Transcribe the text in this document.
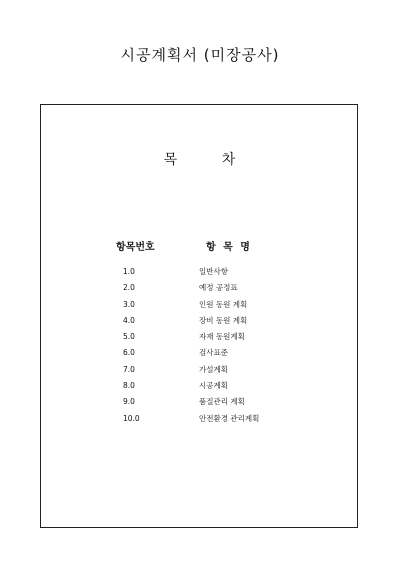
시공계획서 (미장공사)
목        차
항목번호	항 목 명
1.0	일반사항
2.0	예정 공정표
3.0	인원 동원 계획
4.0	장비 동원 계획
5.0	자재 동원계획
6.0	검사표준
7.0	가설계획
8.0	시공계획
9.0	품질관리 계획
10.0	안전환경 관리계획
